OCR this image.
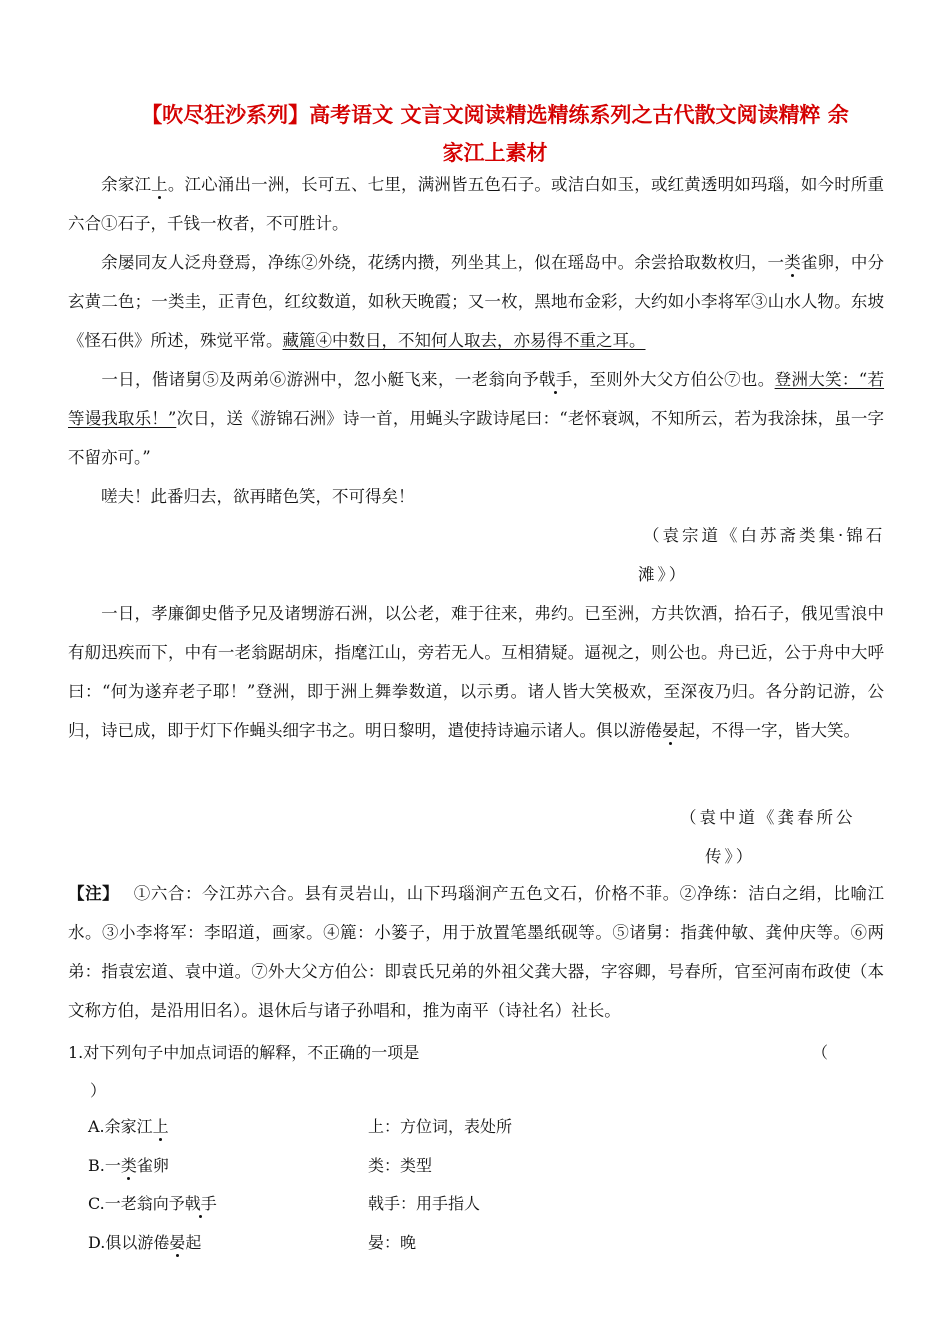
【吹尽狂沙系列】高考语文 文言文阅读精选精练系列之古代散文阅读精粹 余
家江上素材
余家江上。江心涌出一洲，长可五、七里，满洲皆五色石子。或洁白如玉，或红黄透明如玛瑙，如今时所重六合①石子，千钱一枚者，不可胜计。
余屡同友人泛舟登焉，净练②外绕，花绣内攒，列坐其上，似在瑶岛中。余尝拾取数枚归，一类雀卵，中分玄黄二色；一类圭，正青色，红纹数道，如秋天晚霞；又一枚，黑地布金彩，大约如小李将军③山水人物。东坡《怪石供》所述，殊觉平常。藏簏④中数日，不知何人取去，亦易得不重之耳。
一日，偕诸舅⑤及两弟⑥游洲中，忽小艇飞来，一老翁向予戟手，至则外大父方伯公⑦也。登洲大笑：“若等谩我取乐！”次日，送《游锦石洲》诗一首，用蝇头字跋诗尾曰：“老怀衰飒，不知所云，若为我涂抹，虽一字不留亦可。”
嗟夫！此番归去，欲再睹色笑，不可得矣！
（袁宗道《白苏斋类集·锦石
滩》）
一日，孝廉御史偕予兄及诸甥游石洲，以公老，难于往来，弗约。已至洲，方共饮酒，拾石子，俄见雪浪中有舠迅疾而下，中有一老翁踞胡床，指麾江山，旁若无人。互相猜疑。逼视之，则公也。舟已近，公于舟中大呼曰：“何为遂弃老子耶！”登洲，即于洲上舞拳数道，以示勇。诸人皆大笑极欢，至深夜乃归。各分韵记游，公归，诗已成，即于灯下作蝇头细字书之。明日黎明，遣使持诗遍示诸人。俱以游倦晏起，不得一字，皆大笑。
（袁中道《龚春所公
传》）
【注】 ①六合：今江苏六合。县有灵岩山，山下玛瑙涧产五色文石，价格不菲。②净练：洁白之绢，比喻江水。③小李将军：李昭道，画家。④簏：小篓子，用于放置笔墨纸砚等。⑤诸舅：指龚仲敏、龚仲庆等。⑥两弟：指袁宏道、袁中道。⑦外大父方伯公：即袁氏兄弟的外祖父龚大器，字容卿，号春所，官至河南布政使（本文称方伯，是沿用旧名）。退休后与诸子孙唱和，推为南平（诗社名）社长。
1.对下列句子中加点词语的解释，不正确的一项是	（
）
A.余家江上	上：方位词，表处所
B.一类雀卵	类：类型
C.一老翁向予戟手	戟手：用手指人
D.俱以游倦晏起	晏：晚
